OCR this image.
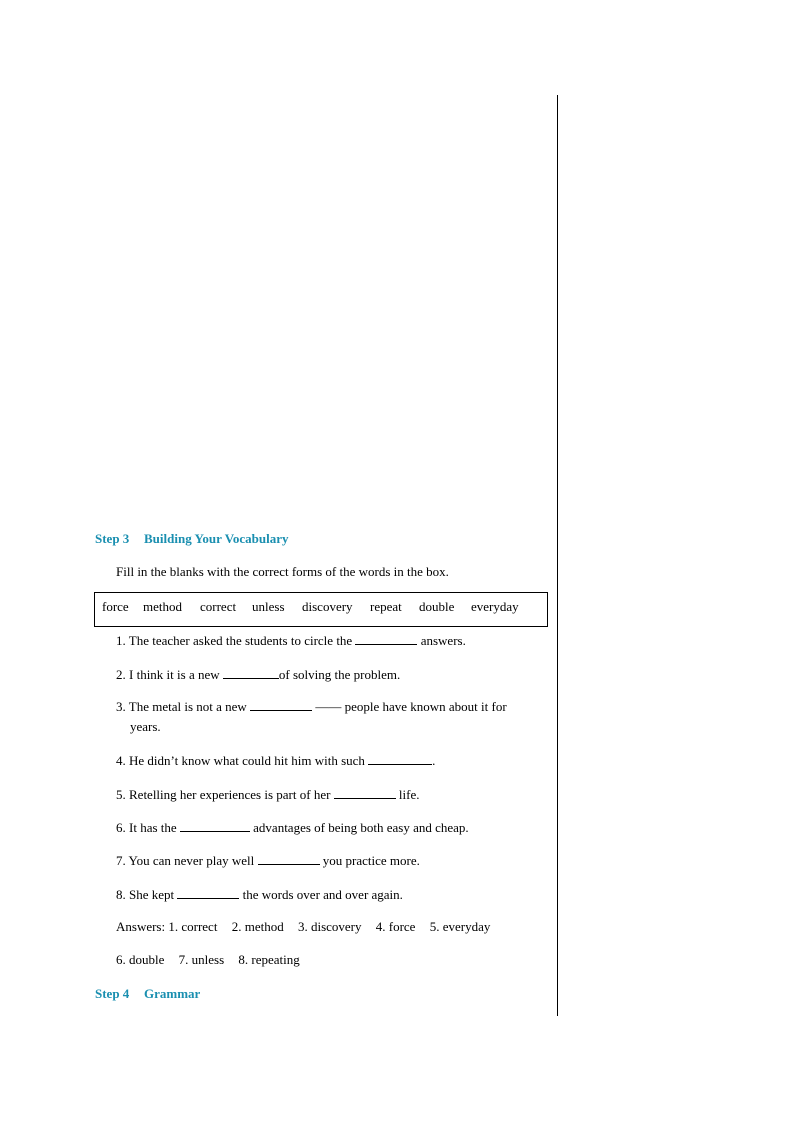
Step 3 Building Your Vocabulary
Fill in the blanks with the correct forms of the words in the box.
force method correct unless discovery repeat double everyday
1. The teacher asked the students to circle the	answers.
2. I think it is a new	of solving the problem.
3. The metal is not a new	—— people have known about it for
years.
4. He didn’t know what could hit him with such	.
5. Retelling her experiences is part of her	life.
6. It has the	advantages of being both easy and cheap.
7. You can never play well	you practice more.
8. She kept	the words over and over again.
Answers: 1. correct 2. method 3. discovery 4. force 5. everyday
6. double 7. unless 8. repeating
Step 4 Grammar
